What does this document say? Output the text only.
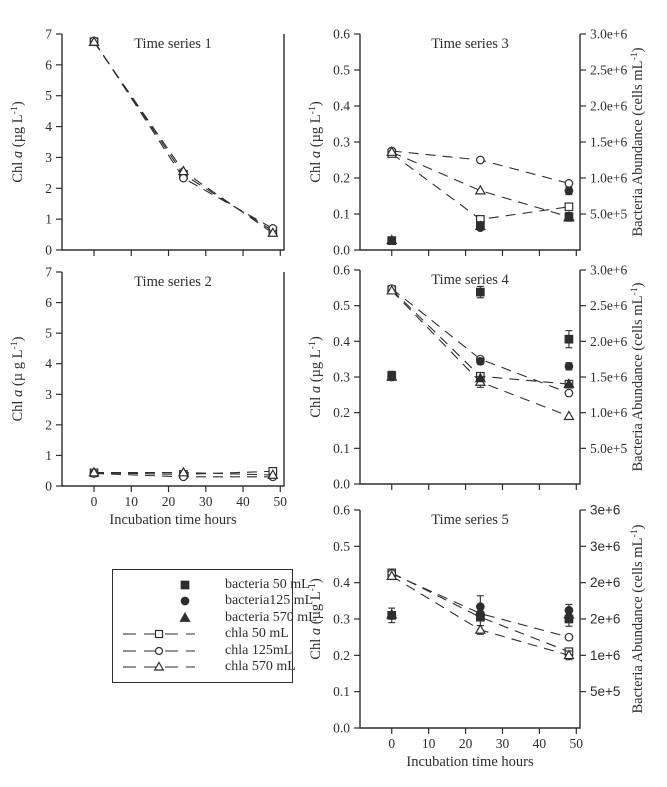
0
1
2
3
4
5
6
7
Time series 1
Chl a (µg $L^{-1}$)
0
1
2
3
4
5
6
7
0 10 20 30 40 50
Time series 2
Chl a (µ g $L^{-1}$)
Incubation time hours
0.0
0.1
0.2
0.3
0.4
0.5
0.6	3.0e+6
2.5e+6
2.0e+6
1.5e+6
1.0e+6
5.0e+5 Bacteria Abundance (cells $mL^{-1}$)
Time series 3
Chl a (µg $L^{-1}$)
0.0
0.1
0.2
0.3
0.4
0.5
0.6	3.0e+6
2.5e+6
2.0e+6
1.5e+6
1.0e+6
5.0e+5 Bacteria Abundance (cells $mL^{-1}$)
Time series 4
Chl a (µg $L^{-1}$)
0.0
0.1
0.2
0.3
0.4
0.5
0.6
0 10 20 30 40 50
3e+6
3e+6
2e+6
2e+6
1e+6
5e+5 Bacteria Abundance (cells $mL^{-1}$)
Time series 5
Chl a (µg $L^{-1}$)
Incubation time hours
bacteria 50 mL
bacteria125 mL
bacteria 570 mL
chla 50 mL
chla 125mL
chla 570 mL
